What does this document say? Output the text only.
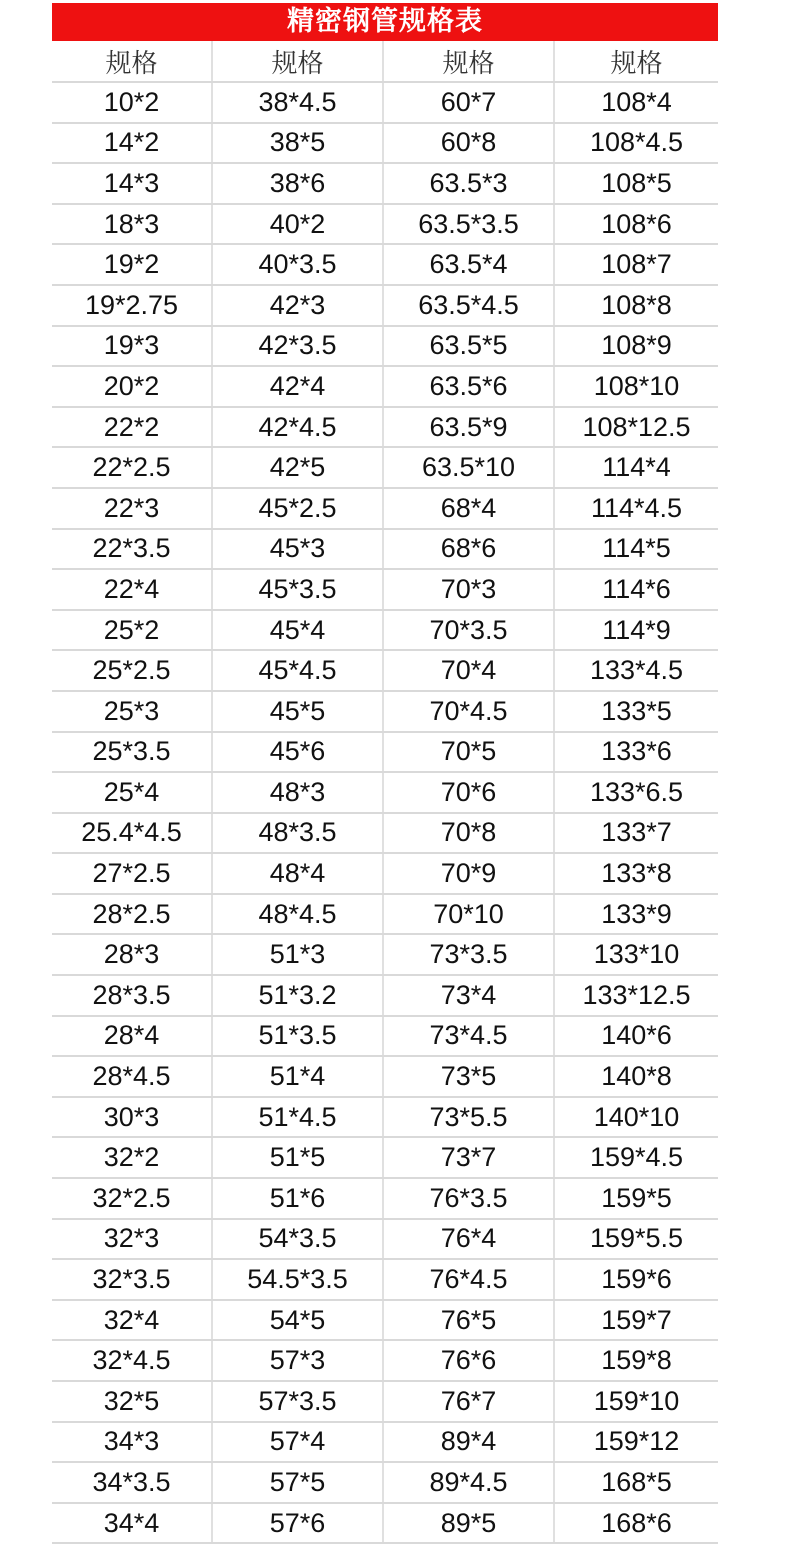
精密钢管规格表
规格	规格	规格	规格
10*2	38*4.5	60*7	108*4
14*2	38*5	60*8	108*4.5
14*3	38*6	63.5*3	108*5
18*3	40*2	63.5*3.5	108*6
19*2	40*3.5	63.5*4	108*7
19*2.75	42*3	63.5*4.5	108*8
19*3	42*3.5	63.5*5	108*9
20*2	42*4	63.5*6	108*10
22*2	42*4.5	63.5*9	108*12.5
22*2.5	42*5	63.5*10	114*4
22*3	45*2.5	68*4	114*4.5
22*3.5	45*3	68*6	114*5
22*4	45*3.5	70*3	114*6
25*2	45*4	70*3.5	114*9
25*2.5	45*4.5	70*4	133*4.5
25*3	45*5	70*4.5	133*5
25*3.5	45*6	70*5	133*6
25*4	48*3	70*6	133*6.5
25.4*4.5	48*3.5	70*8	133*7
27*2.5	48*4	70*9	133*8
28*2.5	48*4.5	70*10	133*9
28*3	51*3	73*3.5	133*10
28*3.5	51*3.2	73*4	133*12.5
28*4	51*3.5	73*4.5	140*6
28*4.5	51*4	73*5	140*8
30*3	51*4.5	73*5.5	140*10
32*2	51*5	73*7	159*4.5
32*2.5	51*6	76*3.5	159*5
32*3	54*3.5	76*4	159*5.5
32*3.5	54.5*3.5	76*4.5	159*6
32*4	54*5	76*5	159*7
32*4.5	57*3	76*6	159*8
32*5	57*3.5	76*7	159*10
34*3	57*4	89*4	159*12
34*3.5	57*5	89*4.5	168*5
34*4	57*6	89*5	168*6
